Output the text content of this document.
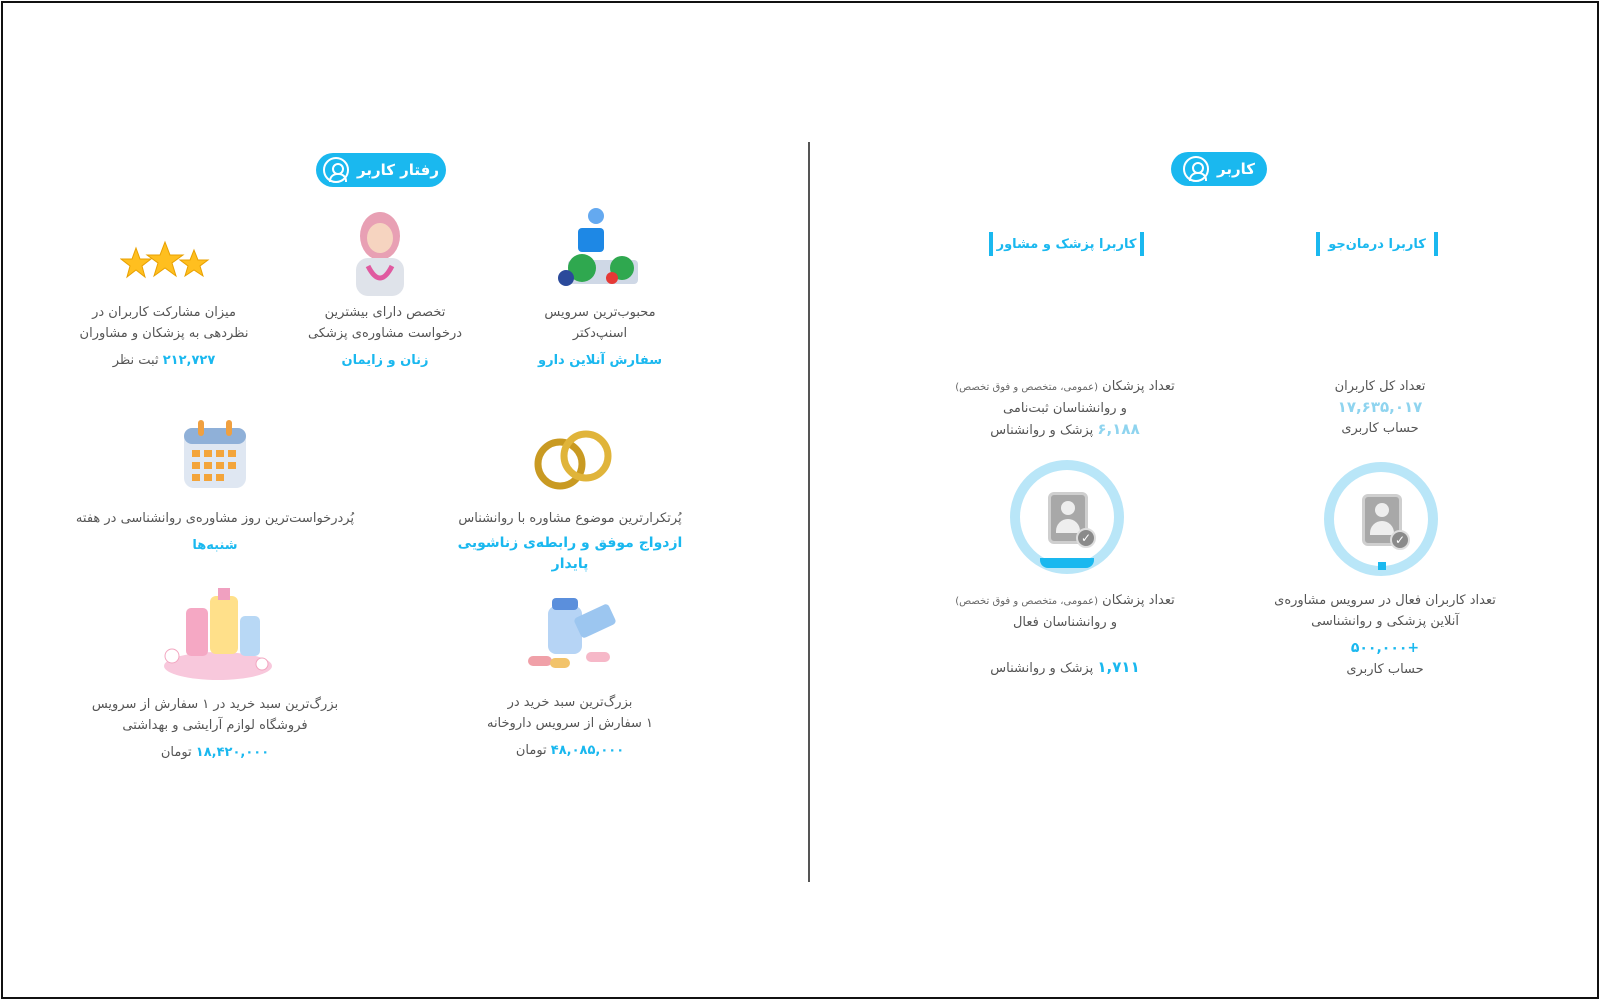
کاربر
کاربرا درمان‌جو
کاربرا پزشک و مشاور
تعداد کل کاربران
۱۷,۶۳۵,۰۱۷
حساب کاربری
تعداد پزشکان (عمومی، متخصص و فوق تخصص)
و روانشناسان ثبت‌نامی
۶,۱۸۸ پزشک و روانشناس
✓
✓
تعداد کاربران فعال در سرویس مشاوره‌ی
آنلاین پزشکی و روانشناسی
+۵۰۰,۰۰۰
حساب کاربری
تعداد پزشکان (عمومی، متخصص و فوق تخصص)
و روانشناسان فعال
۱,۷۱۱ پزشک و روانشناس
رفتار کاربر
محبوب‌ترین سرویس
اسنپ‌دکتر
سفارش آنلاین دارو
تخصص دارای بیشترین
درخواست مشاوره‌ی پزشکی
زنان و زایمان
میزان مشارکت کاربران در
نظردهی به پزشکان و مشاوران
۲۱۲,۷۲۷ ثبت نظر
پُرتکرارترین موضوع مشاوره با روانشناس
ازدواج موفق و رابطه‌ی زناشویی پایدار
پُردرخواست‌ترین روز مشاوره‌ی روانشناسی در هفته
شنبه‌ها
بزرگ‌ترین سبد خرید در
۱ سفارش از سرویس داروخانه
۴۸,۰۸۵,۰۰۰ تومان
بزرگ‌ترین سبد خرید در ۱ سفارش از سرویس
فروشگاه لوازم آرایشی و بهداشتی
۱۸,۴۲۰,۰۰۰ تومان
